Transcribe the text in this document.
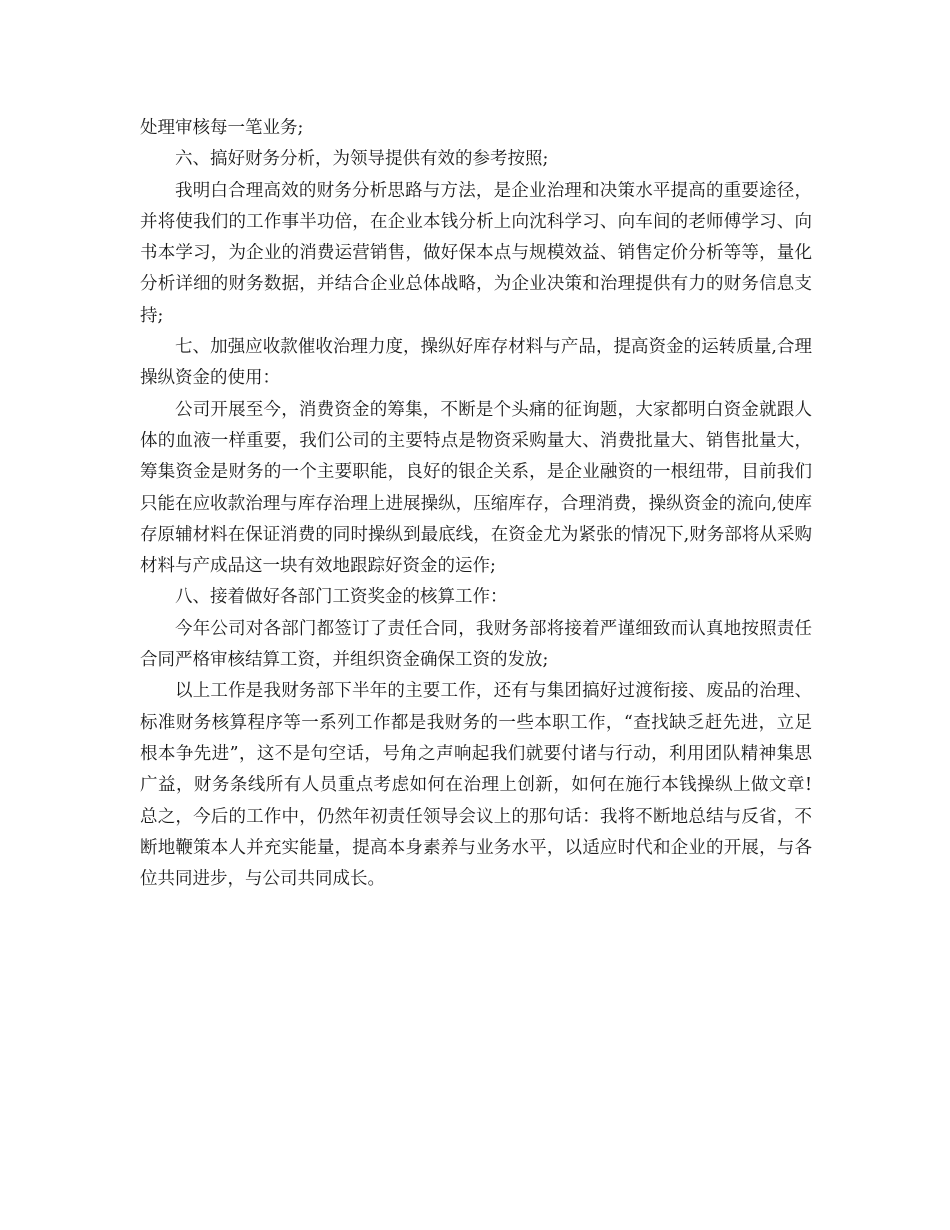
处理审核每一笔业务;

六、搞好财务分析，为领导提供有效的参考按照;

我明白合理高效的财务分析思路与方法，是企业治理和决策水平提高的重要途径，并将使我们的工作事半功倍，在企业本钱分析上向沈科学习、向车间的老师傅学习、向书本学习，为企业的消费运营销售，做好保本点与规模效益、销售定价分析等等，量化分析详细的财务数据，并结合企业总体战略，为企业决策和治理提供有力的财务信息支持;

七、加强应收款催收治理力度，操纵好库存材料与产品，提高资金的运转质量,合理操纵资金的使用：

公司开展至今，消费资金的筹集，不断是个头痛的征询题，大家都明白资金就跟人体的血液一样重要，我们公司的主要特点是物资采购量大、消费批量大、销售批量大，筹集资金是财务的一个主要职能，良好的银企关系，是企业融资的一根纽带，目前我们只能在应收款治理与库存治理上进展操纵，压缩库存，合理消费，操纵资金的流向,使库存原辅材料在保证消费的同时操纵到最底线，在资金尤为紧张的情况下,财务部将从采购材料与产成品这一块有效地跟踪好资金的运作;

八、接着做好各部门工资奖金的核算工作：

今年公司对各部门都签订了责任合同，我财务部将接着严谨细致而认真地按照责任合同严格审核结算工资，并组织资金确保工资的发放;

以上工作是我财务部下半年的主要工作，还有与集团搞好过渡衔接、废品的治理、标准财务核算程序等一系列工作都是我财务的一些本职工作，“查找缺乏赶先进，立足根本争先进”，这不是句空话，号角之声响起我们就要付诸与行动，利用团队精神集思广益，财务条线所有人员重点考虑如何在治理上创新，如何在施行本钱操纵上做文章!总之，今后的工作中，仍然年初责任领导会议上的那句话：我将不断地总结与反省，不断地鞭策本人并充实能量，提高本身素养与业务水平，以适应时代和企业的开展，与各位共同进步，与公司共同成长。
